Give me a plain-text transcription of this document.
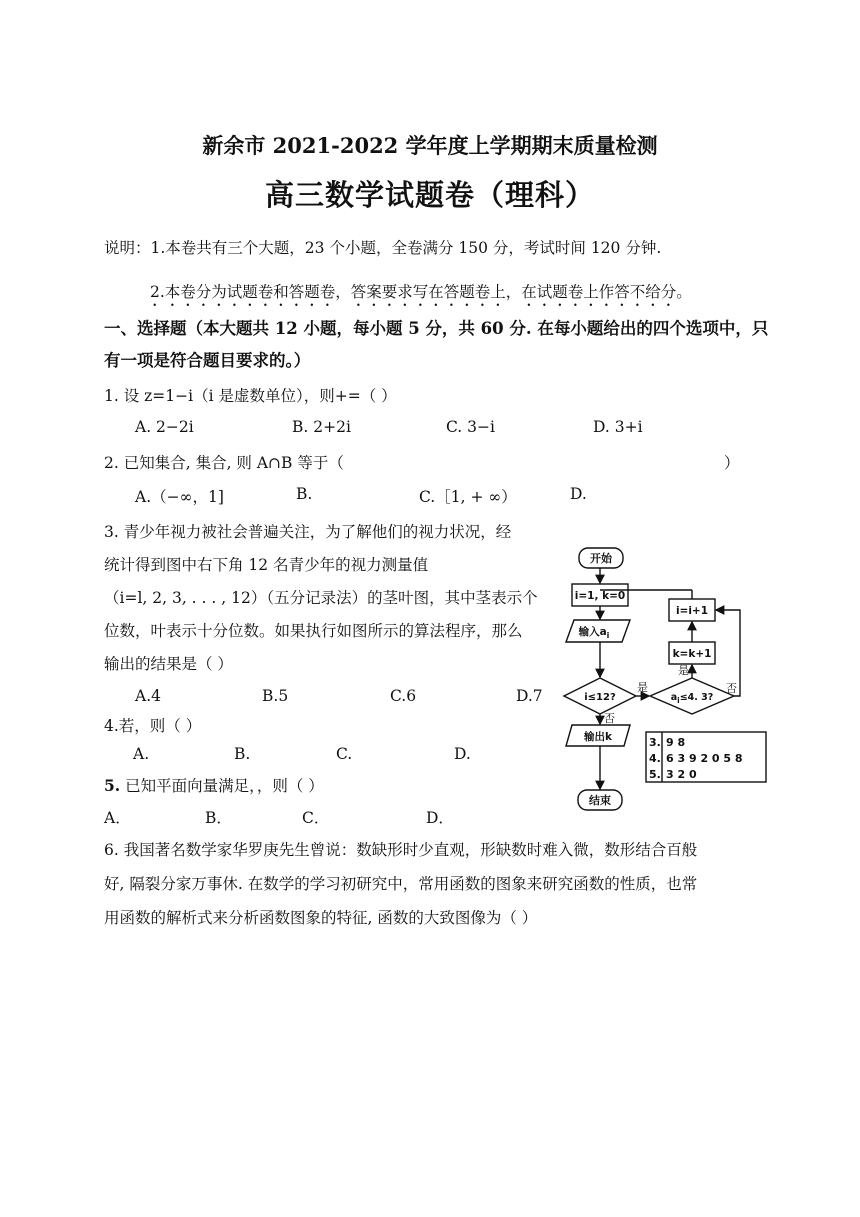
新余市 2021-2022 学年度上学期期末质量检测
高三数学试题卷（理科）
说明：1.本卷共有三个大题，23 个小题，全卷满分 150 分，考试时间 120 分钟.
2.本卷分为试题卷和答题卷，答案要求写在答题卷上，在试题卷上作答不给分。
一、选择题（本大题共 12 小题，每小题 5 分，共 60 分. 在每小题给出的四个选项中，只
有一项是符合题目要求的。）
1. 设 z=1−i（i 是虚数单位），则+=（ ）
A. 2−2i	B. 2+2i	C. 3−i	D. 3+i
2. 已知集合, 集合, 则 A∩B 等于（	）
A.（−∞，1]	B.	C.［1, + ∞）	D.
3. 青少年视力被社会普遍关注，为了解他们的视力状况，经
统计得到图中右下角 12 名青少年的视力测量值
（i=l, 2, 3, . . . , 12）（五分记录法）的茎叶图，其中茎表示个
位数，叶表示十分位数。如果执行如图所示的算法程序，那么
输出的结果是（ ）
A.4	B.5	C.6	D.7
4.若，则（ ）
A.	B.	C.	D.
5. 已知平面向量满足，，则（ ）
A．	B．	C．	D．
6. 我国著名数学家华罗庚先生曾说：数缺形时少直观，形缺数时难入微，数形结合百般
好, 隔裂分家万事休. 在数学的学习初研究中，常用函数的图象来研究函数的性质，也常
用函数的解析式来分析函数图象的特征, 函数的大致图像为（ ）
开始
i=1, k=0
输入$a_i$
i≤12?	$a_i\le 4$. 3?
k=k+1
i=i+1
输出k
结束
是
是
否
否
3. 9 8
4. 6 3 9 2 0 5 8
5. 3 2 0
